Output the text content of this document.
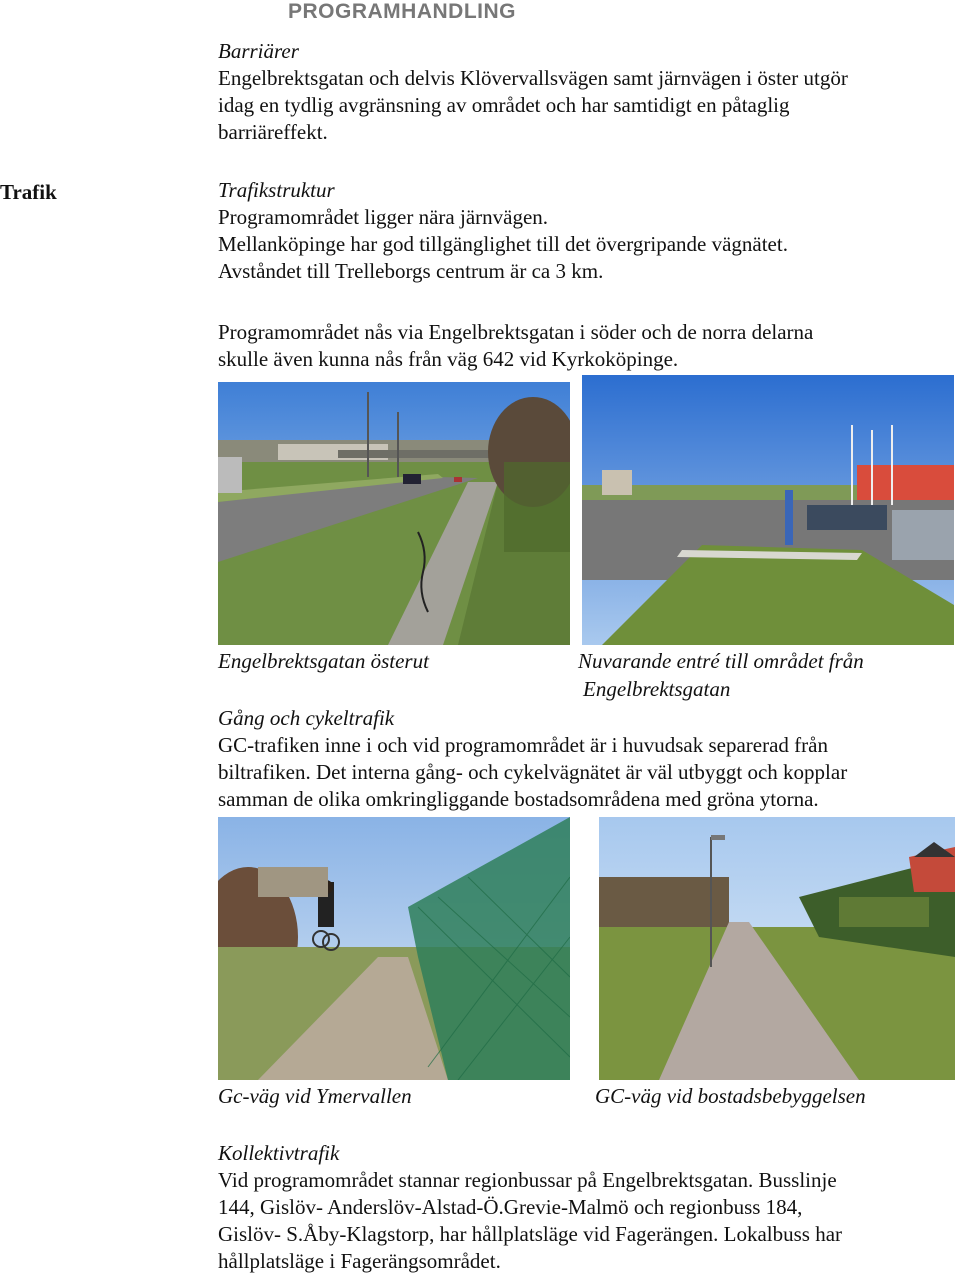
PROGRAMHANDLING
Trafik

Barriärer

Engelbrektsgatan och delvis Klövervallsvägen samt järnvägen i öster utgör

idag en tydlig avgränsning av området och har samtidigt en påtaglig

barriäreffekt.

Trafikstruktur

Programområdet ligger nära järnvägen.

Mellanköpinge har god tillgänglighet till det övergripande vägnätet.

Avståndet till Trelleborgs centrum är ca 3 km.

Programområdet nås via Engelbrektsgatan i söder och de norra delarna

skulle även kunna nås från väg 642 vid Kyrkoköpinge.

Engelbrektsgatan österut	Nuvarande entré till området från
Engelbrektsgatan

Gång och cykeltrafik

GC-trafiken inne i och vid programområdet är i huvudsak separerad från

biltrafiken. Det interna gång- och cykelvägnätet är väl utbyggt och kopplar

samman de olika omkringliggande bostadsområdena med gröna ytorna.

Gc-väg vid Ymervallen	GC-väg vid bostadsbebyggelsen

Kollektivtrafik

Vid programområdet stannar regionbussar på Engelbrektsgatan. Busslinje

144, Gislöv- Anderslöv-Alstad-Ö.Grevie-Malmö och regionbuss 184,

Gislöv- S.Åby-Klagstorp, har hållplatsläge vid Fagerängen. Lokalbuss har

hållplatsläge i Fagerängsområdet.
